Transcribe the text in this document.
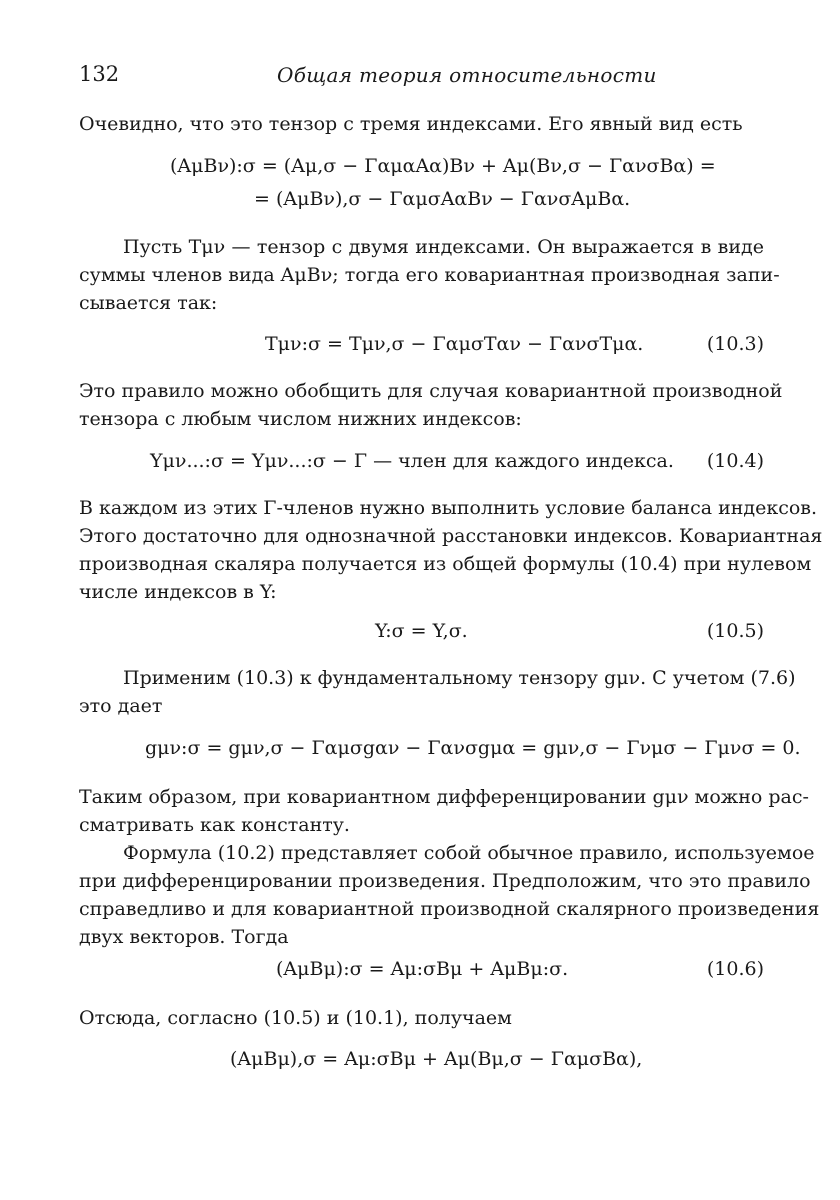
132	Общая теория относительности
Очевидно, что это тензор с тремя индексами. Его явный вид есть
(AμBν):σ = (Aμ,σ − ΓαμαAα)Bν + Aμ(Bν,σ − ΓανσBα) =
= (AμBν),σ − ΓαμσAαBν − ΓανσAμBα.
Пусть Tμν — тензор с двумя индексами. Он выражается в виде
суммы членов вида AμBν; тогда его ковариантная производная запи-
сывается так:
Tμν:σ = Tμν,σ − ΓαμσTαν − ΓανσTμα.	(10.3)
Это правило можно обобщить для случая ковариантной производной
тензора с любым числом нижних индексов:
Yμν...:σ = Yμν...:σ − Γ — член для каждого индекса. (10.4)
В каждом из этих Γ-членов нужно выполнить условие баланса индексов.
Этого достаточно для однозначной расстановки индексов. Ковариантная
производная скаляра получается из общей формулы (10.4) при нулевом
числе индексов в Y:
Y:σ = Y,σ.	(10.5)
Применим (10.3) к фундаментальному тензору gμν. С учетом (7.6)
это дает
gμν:σ = gμν,σ − Γαμσgαν − Γανσgμα = gμν,σ − Γνμσ − Γμνσ = 0.
Таким образом, при ковариантном дифференцировании gμν можно рас-
сматривать как константу.
Формула (10.2) представляет собой обычное правило, используемое
при дифференцировании произведения. Предположим, что это правило
справедливо и для ковариантной производной скалярного произведения
двух векторов. Тогда
(AμBμ):σ = Aμ:σBμ + AμBμ:σ.	(10.6)
Отсюда, согласно (10.5) и (10.1), получаем
(AμBμ),σ = Aμ:σBμ + Aμ(Bμ,σ − ΓαμσBα),
